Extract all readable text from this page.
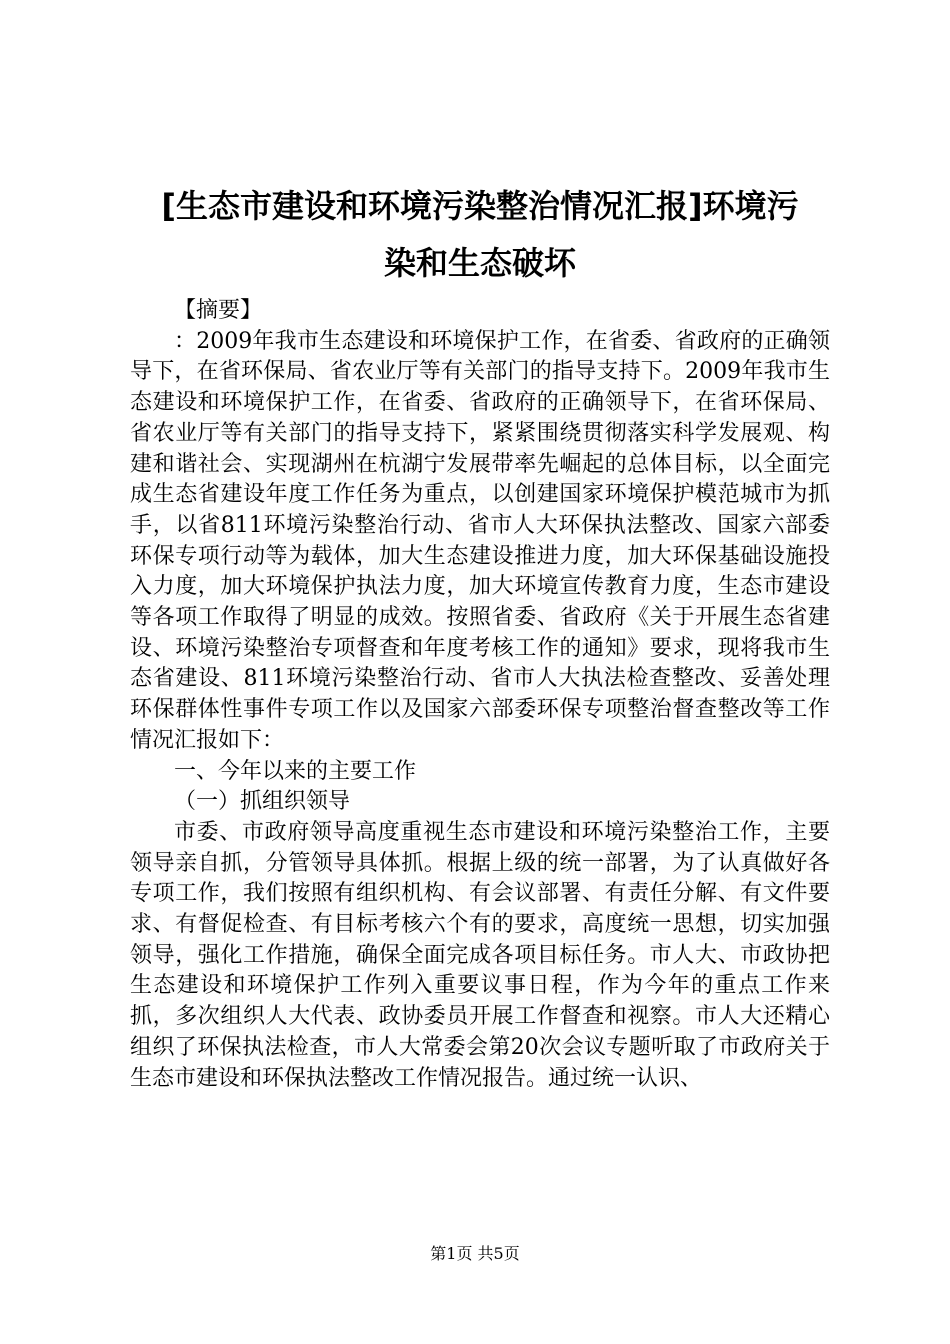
[生态市建设和环境污染整治情况汇报]环境污
染和生态破坏

【摘要】

：2009年我市生态建设和环境保护工作，在省委、省政府的正确领导下，在省环保局、省农业厅等有关部门的指导支持下。2009年我市生态建设和环境保护工作，在省委、省政府的正确领导下，在省环保局、省农业厅等有关部门的指导支持下，紧紧围绕贯彻落实科学发展观、构建和谐社会、实现湖州在杭湖宁发展带率先崛起的总体目标，以全面完成生态省建设年度工作任务为重点，以创建国家环境保护模范城市为抓手，以省811环境污染整治行动、省市人大环保执法整改、国家六部委环保专项行动等为载体，加大生态建设推进力度，加大环保基础设施投入力度，加大环境保护执法力度，加大环境宣传教育力度，生态市建设等各项工作取得了明显的成效。按照省委、省政府《关于开展生态省建设、环境污染整治专项督查和年度考核工作的通知》要求，现将我市生态省建设、811环境污染整治行动、省市人大执法检查整改、妥善处理环保群体性事件专项工作以及国家六部委环保专项整治督查整改等工作情况汇报如下：

一、今年以来的主要工作

（一）抓组织领导

市委、市政府领导高度重视生态市建设和环境污染整治工作，主要领导亲自抓，分管领导具体抓。根据上级的统一部署，为了认真做好各专项工作，我们按照有组织机构、有会议部署、有责任分解、有文件要求、有督促检查、有目标考核六个有的要求，高度统一思想，切实加强领导，强化工作措施，确保全面完成各项目标任务。市人大、市政协把生态建设和环境保护工作列入重要议事日程，作为今年的重点工作来抓，多次组织人大代表、政协委员开展工作督查和视察。市人大还精心组织了环保执法检查，市人大常委会第20次会议专题听取了市政府关于生态市建设和环保执法整改工作情况报告。通过统一认识、

第1页 共5页
